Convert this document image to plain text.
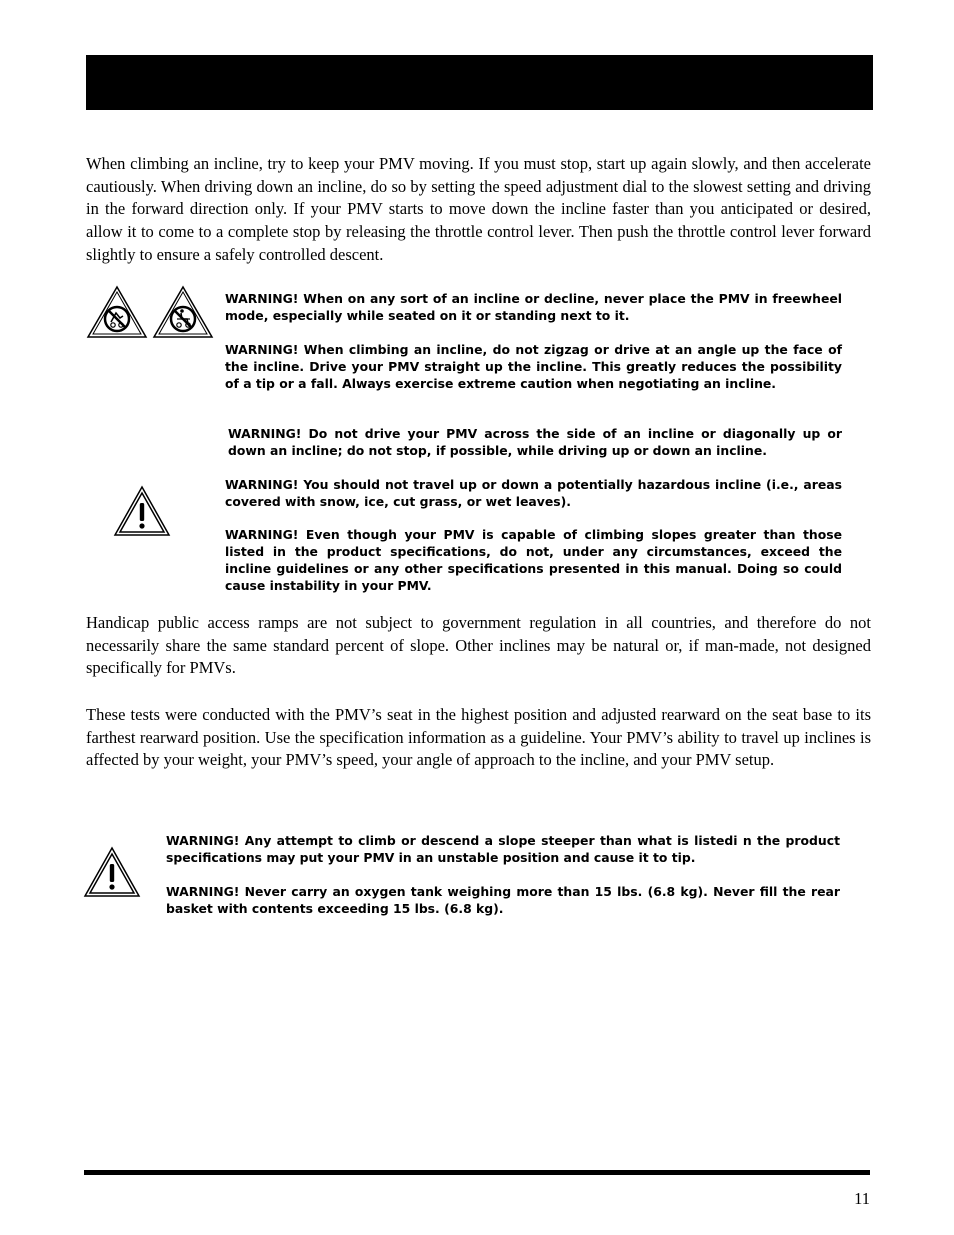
When climbing an incline, try to keep your PMV moving. If you must stop, start up again slowly, and then accelerate cautiously. When driving down an incline, do so by setting the speed adjustment dial to the slowest setting and driving in the forward direction only. If your PMV starts to move down the incline faster than you anticipated or desired, allow it to come to a complete stop by releasing the throttle control lever. Then push the throttle control lever forward slightly to ensure a safely controlled descent.

WARNING! When on any sort of an incline or decline, never place the PMV in freewheel mode, especially while seated on it or standing next to it.

WARNING! When climbing an incline, do not zigzag or drive at an angle up the face of the incline. Drive your PMV straight up the incline. This greatly reduces the possibility of a tip or a fall. Always exercise extreme caution when negotiating an incline.

WARNING! Do not drive your PMV across the side of an incline or diagonally up or down an incline; do not stop, if possible, while driving up or down an incline.

WARNING! You should not travel up or down a potentially hazardous incline (i.e., areas covered with snow, ice, cut grass, or wet leaves).

WARNING! Even though your PMV is capable of climbing slopes greater than those listed in the product specifications, do not, under any circumstances, exceed the incline guidelines or any other specifications presented in this manual. Doing so could cause instability in your PMV.

Handicap public access ramps are not subject to government regulation in all countries, and therefore do not necessarily share the same standard percent of slope. Other inclines may be natural or, if man-made, not designed specifically for PMVs.

These tests were conducted with the PMV’s seat in the highest position and adjusted rearward on the seat base to its farthest rearward position. Use the specification information as a guideline. Your PMV’s ability to travel up inclines is affected by your weight, your PMV’s speed, your angle of approach to the incline, and your PMV setup.

WARNING! Any attempt to climb or descend a slope steeper than what is listedi n the product specifications may put your PMV in an unstable position and cause it to tip.

WARNING! Never carry an oxygen tank weighing more than 15 lbs. (6.8 kg). Never fill the rear basket with contents exceeding 15 lbs. (6.8 kg).

11
